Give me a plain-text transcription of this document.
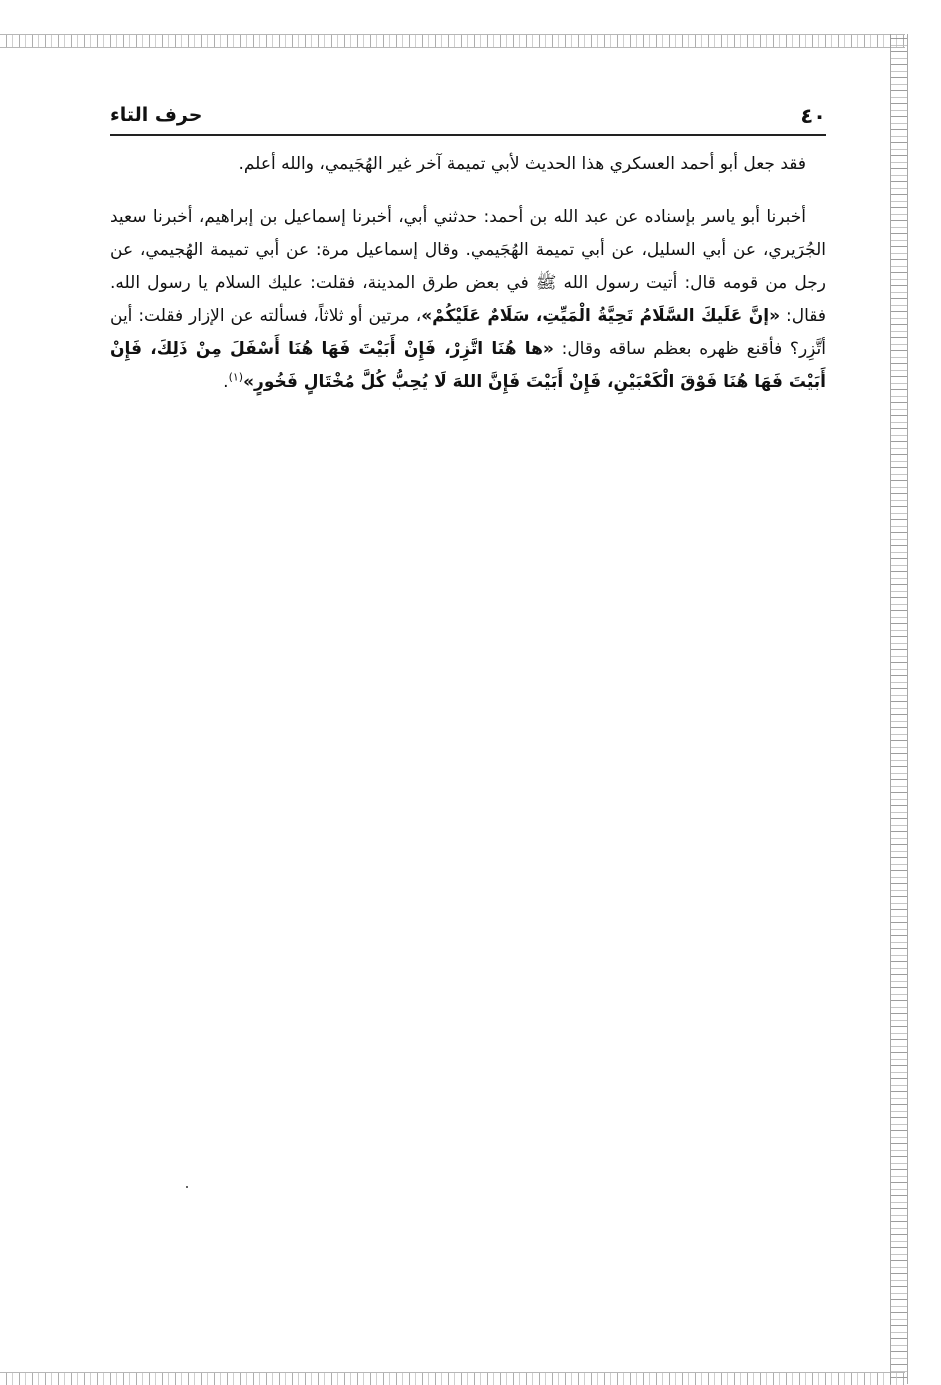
٤٠
حرف التاء

فقد جعل أبو أحمد العسكري هذا الحديث لأبي تميمة آخر غير الهُجَيمي، والله أعلم.

أخبرنا أبو ياسر بإسناده عن عبد الله بن أحمد: حدثني أبي، أخبرنا إسماعيل بن إبراهيم، أخبرنا سعيد الجُرَيري، عن أبي السليل، عن أبي تميمة الهُجَيمي. وقال إسماعيل مرة: عن أبي تميمة الهُجيمي، عن رجل من قومه قال: أتيت رسول الله ﷺ في بعض طرق المدينة، فقلت: عليك السلام يا رسول الله. فقال: «إنَّ عَلَيكَ السَّلَامُ تَحِيَّةُ الْمَيِّتِ، سَلَامٌ عَلَيْكُمْ»، مرتين أو ثلاثاً، فسألته عن الإزار فقلت: أين أتَّزِر؟ فأقنع ظهره بعظم ساقه وقال: «ها هُنَا اتَّزِرْ، فَإِنْ أَبَيْتَ فَهَا هُنَا أَسْفَلَ مِنْ ذَلِكَ، فَإِنْ أَبَيْتَ فَهَا هُنَا فَوْقَ الْكَعْبَيْنِ، فَإِنْ أَبَيْتَ فَإِنَّ اللهَ لَا يُحِبُّ كُلَّ مُخْتَالٍ فَخُورٍ»$^{(١)}$.
